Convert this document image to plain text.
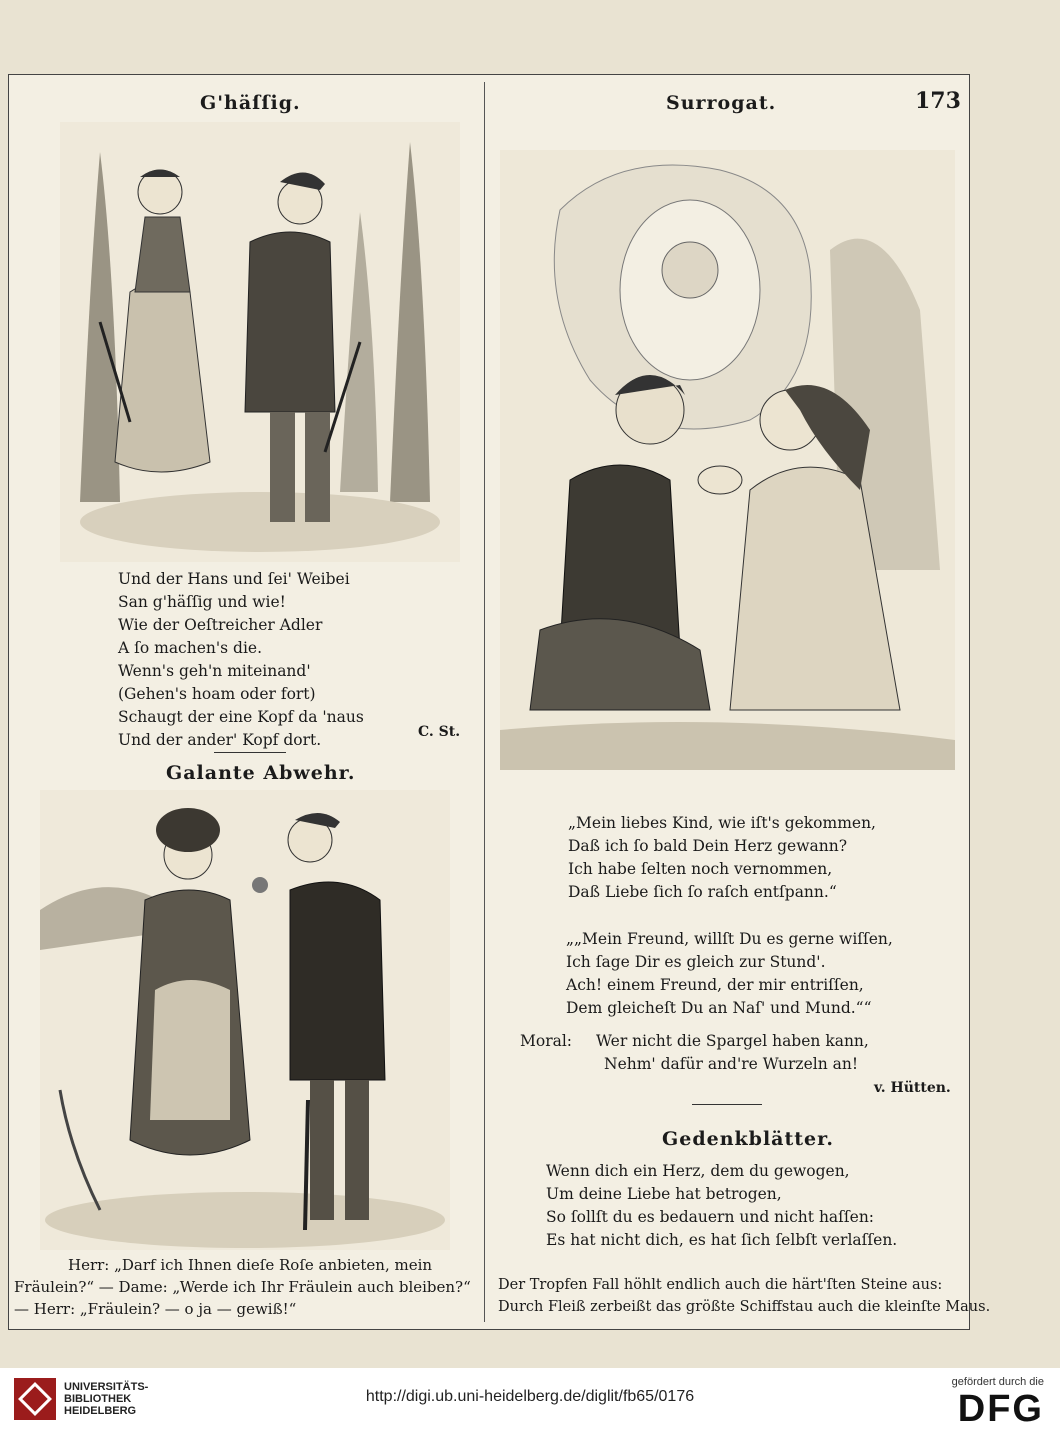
173
G'häſſig.
Und der Hans und ſei' Weibei
San g'häſſig und wie!
Wie der Oeſtreicher Adler
A ſo machen's die.
Wenn's geh'n miteinand'
(Gehen's hoam oder fort)
Schaugt der eine Kopf da 'naus
Und der ander' Kopf dort.	C. St.
Galante Abwehr.
Herr: „Darf ich Ihnen dieſe Roſe anbieten, mein
Fräulein?“ — Dame: „Werde ich Ihr Fräulein auch bleiben?“
— Herr: „Fräulein? — o ja — gewiß!“
Surrogat.
„Mein liebes Kind, wie iſt's gekommen,
Daß ich ſo bald Dein Herz gewann?
Ich habe ſelten noch vernommen,
Daß Liebe ſich ſo raſch entſpann.“
„„Mein Freund, willſt Du es gerne wiſſen,
Ich ſage Dir es gleich zur Stund'.
Ach! einem Freund, der mir entriſſen,
Dem gleicheſt Du an Naſ' und Mund.““
Moral: Wer nicht die Spargel haben kann,
Nehm' dafür and're Wurzeln an!
v. Hütten.
Gedenkblätter.
Wenn dich ein Herz, dem du gewogen,
Um deine Liebe hat betrogen,
So ſollſt du es bedauern und nicht haſſen:
Es hat nicht dich, es hat ſich ſelbſt verlaſſen.
Der Tropfen Fall höhlt endlich auch die härt'ſten Steine aus:
Durch Fleiß zerbeißt das größte Schiffstau auch die kleinſte Maus.
UNIVERSITÄTS-
BIBLIOTHEK
HEIDELBERG
http://digi.ub.uni-heidelberg.de/diglit/fb65/0176
gefördert durch die
DFG
